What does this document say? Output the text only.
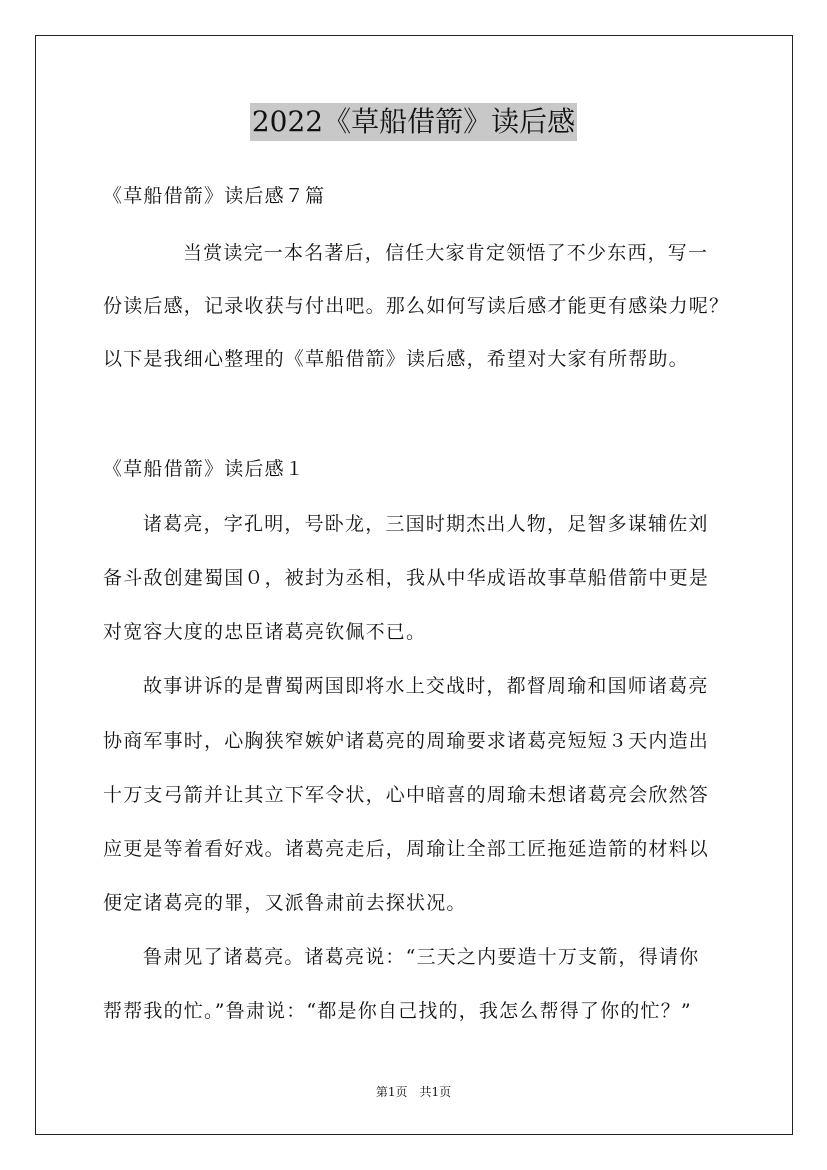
2022《草船借箭》读后感
《草船借箭》读后感７篇
当赏读完一本名著后，信任大家肯定领悟了不少东西，写一
份读后感，记录收获与付出吧。那么如何写读后感才能更有感染力呢？
以下是我细心整理的《草船借箭》读后感，希望对大家有所帮助。
《草船借箭》读后感１
诸葛亮，字孔明，号卧龙，三国时期杰出人物，足智多谋辅佐刘
备斗敌创建蜀国０，被封为丞相，我从中华成语故事草船借箭中更是
对宽容大度的忠臣诸葛亮钦佩不已。
故事讲诉的是曹蜀两国即将水上交战时，都督周瑜和国师诸葛亮
协商军事时，心胸狭窄嫉妒诸葛亮的周瑜要求诸葛亮短短３天内造出
十万支弓箭并让其立下军令状，心中暗喜的周瑜未想诸葛亮会欣然答
应更是等着看好戏。诸葛亮走后，周瑜让全部工匠拖延造箭的材料以
便定诸葛亮的罪，又派鲁肃前去探状况。
鲁肃见了诸葛亮。诸葛亮说：“三天之内要造十万支箭，得请你
帮帮我的忙。”鲁肃说：“都是你自己找的，我怎么帮得了你的忙？”
第1页　共1页
